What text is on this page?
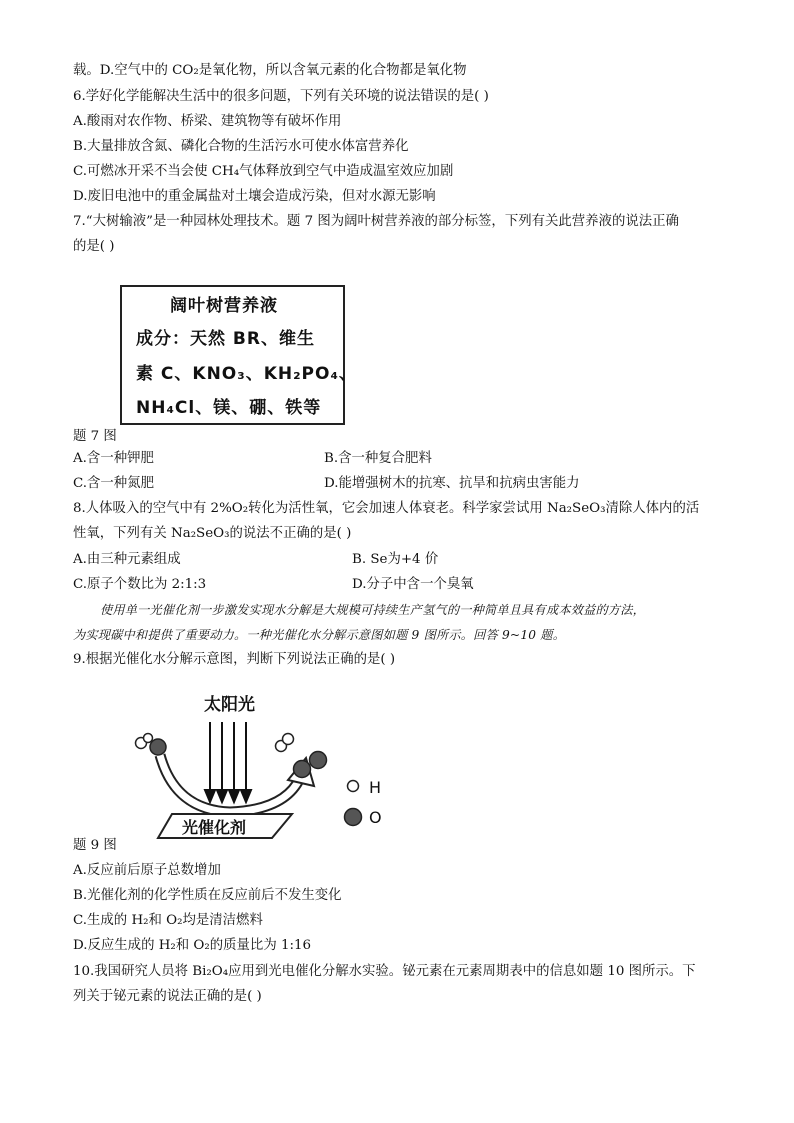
载。D.空气中的 CO₂是氧化物，所以含氧元素的化合物都是氧化物
6.学好化学能解决生活中的很多问题，下列有关环境的说法错误的是( )
A.酸雨对农作物、桥梁、建筑物等有破坏作用
B.大量排放含氮、磷化合物的生活污水可使水体富营养化
C.可燃冰开采不当会使 CH₄气体释放到空气中造成温室效应加剧
D.废旧电池中的重金属盐对土壤会造成污染，但对水源无影响
7.“大树输液”是一种园林处理技术。题 7 图为阔叶树营养液的部分标签，下列有关此营养液的说法正确
的是( )
阔叶树营养液
成分：天然 BR、维生
素 C、KNO₃、KH₂PO₄、
NH₄Cl、镁、硼、铁等
题 7 图
A.含一种钾肥	B.含一种复合肥料
C.含一种氮肥	D.能增强树木的抗寒、抗旱和抗病虫害能力
8.人体吸入的空气中有 2%O₂转化为活性氧，它会加速人体衰老。科学家尝试用 Na₂SeO₃清除人体内的活
性氧，下列有关 Na₂SeO₃的说法不正确的是( )
A.由三种元素组成	B. Se为+4 价
C.原子个数比为 2:1:3	D.分子中含一个臭氧
使用单一光催化剂一步激发实现水分解是大规模可持续生产氢气的一种简单且具有成本效益的方法，
为实现碳中和提供了重要动力。一种光催化水分解示意图如题 9 图所示。回答 9~10 题。
9.根据光催化水分解示意图，判断下列说法正确的是( )
太阳光
光催化剂
H
O
题 9 图
A.反应前后原子总数增加
B.光催化剂的化学性质在反应前后不发生变化
C.生成的 H₂和 O₂均是清洁燃料
D.反应生成的 H₂和 O₂的质量比为 1:16
10.我国研究人员将 Bi₂O₄应用到光电催化分解水实验。铋元素在元素周期表中的信息如题 10 图所示。下
列关于铋元素的说法正确的是( )
